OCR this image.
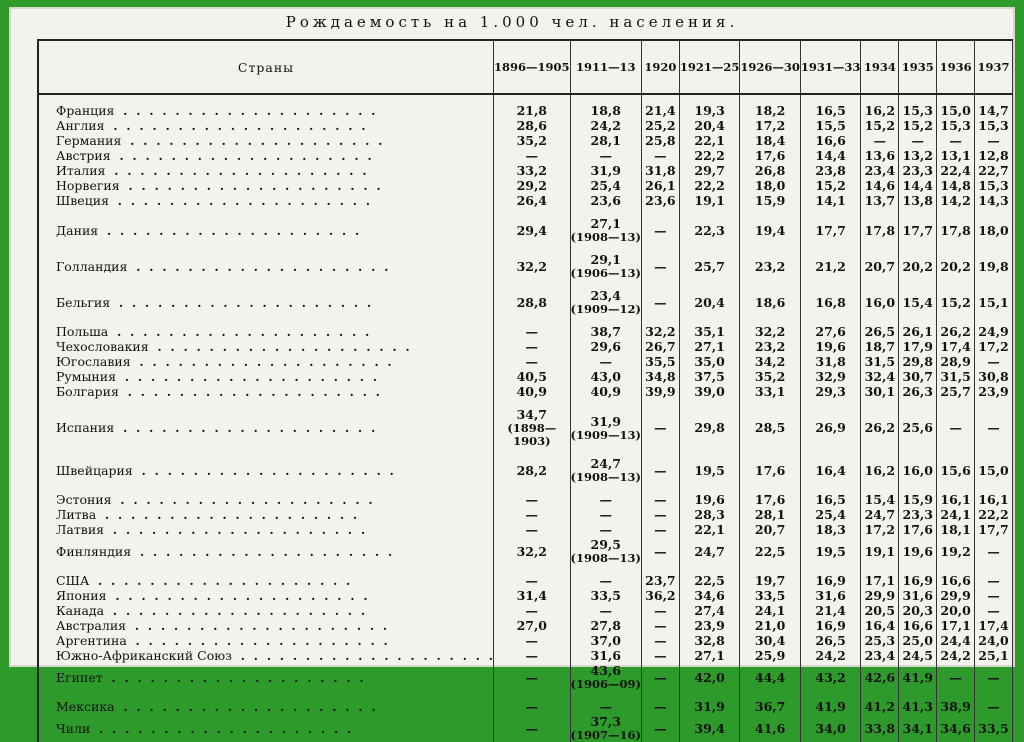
Рождаемость на 1.000 чел. населения.
Страны	1896—1905	1911—13	1920	1921—25	1926—30	1931—33	1934	1935	1936	1937

Франция . .	21,8	18,8	21,4	19,3	18,2	16,5	16,2	15,3	15,0	14,7
Англия . .	28,6	24,2	25,2	20,4	17,2	15,5	15,2	15,2	15,3	15,3
Германия . .	35,2	28,1	25,8	22,1	18,4	16,6	—	—	—	—
Австрия . .	—	—	—	22,2	17,6	14,4	13,6	13,2	13,1	12,8
Италия . .	33,2	31,9	31,8	29,7	26,8	23,8	23,4	23,3	22,4	22,7
Норвегия . .	29,2	25,4	26,1	22,2	18,0	15,2	14,6	14,4	14,8	15,3
Швеция . .	26,4	23,6	23,6	19,1	15,9	14,1	13,7	13,8	14,2	14,3

Дания . .	29,4	27,1
(1908—13)	—	22,3	19,4	17,7	17,8	17,7	17,8	18,0

Голландия . .	32,2	29,1
(1906—13)	—	25,7	23,2	21,2	20,7	20,2	20,2	19,8

Бельгия . .	28,8	23,4
(1909—12)	—	20,4	18,6	16,8	16,0	15,4	15,2	15,1

Польша . .	—	38,7	32,2	35,1	32,2	27,6	26,5	26,1	26,2	24,9
Чехословакия . .	—	29,6	26,7	27,1	23,2	19,6	18,7	17,9	17,4	17,2
Югославия . .	—	—	35,5	35,0	34,2	31,8	31,5	29,8	28,9	—
Румыния . .	40,5	43,0	34,8	37,5	35,2	32,9	32,4	30,7	31,5	30,8
Болгария . .	40,9	40,9	39,9	39,0	33,1	29,3	30,1	26,3	25,7	23,9

Испания . .	34,7
(1898—
1903)	31,9
(1909—13)	—	29,8	28,5	26,9	26,2	25,6	—	—

Швейцария . .	28,2	24,7
(1908—13)	—	19,5	17,6	16,4	16,2	16,0	15,6	15,0

Эстония . .	—	—	—	19,6	17,6	16,5	15,4	15,9	16,1	16,1
Литва . .	—	—	—	28,3	28,1	25,4	24,7	23,3	24,1	22,2
Латвия . .	—	—	—	22,1	20,7	18,3	17,2	17,6	18,1	17,7
Финляндия . .	32,2	29,5
(1908—13)	—	24,7	22,5	19,5	19,1	19,6	19,2	—

США . .	—	—	23,7	22,5	19,7	16,9	17,1	16,9	16,6	—
Япония . .	31,4	33,5	36,2	34,6	33,5	31,6	29,9	31,6	29,9	—
Канада . .	—	—	—	27,4	24,1	21,4	20,5	20,3	20,0	—
Австралия . .	27,0	27,8	—	23,9	21,0	16,9	16,4	16,6	17,1	17,4
Аргентина . .	—	37,0	—	32,8	30,4	26,5	25,3	25,0	24,4	24,0
Южно-Африканский Союз . .	—	31,6	—	27,1	25,9	24,2	23,4	24,5	24,2	25,1
Египет . .	—	43,6
(1906—09)	—	42,0	44,4	43,2	42,6	41,9	—	—

Мексика . .	—	—	—	31,9	36,7	41,9	41,2	41,3	38,9	—
Чили . .	—	37,3
(1907—16)	—	39,4	41,6	34,0	33,8	34,1	34,6	33,5
